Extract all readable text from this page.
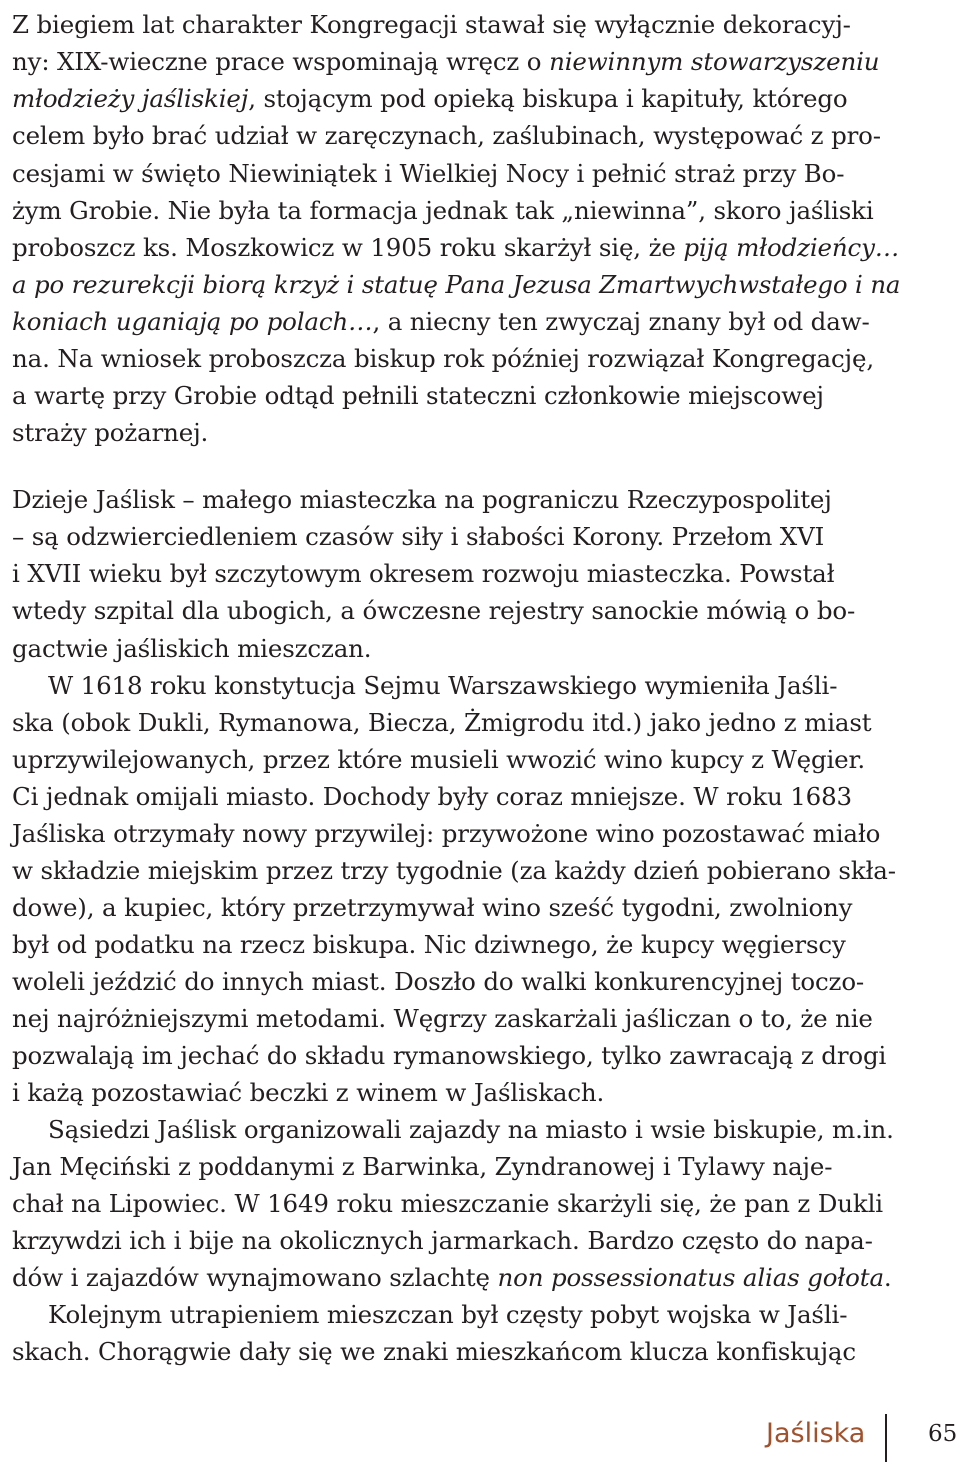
Z biegiem lat charakter Kongregacji stawał się wyłącznie dekoracyj-
ny: XIX-wieczne prace wspominają wręcz o niewinnym stowarzyszeniu
młodzieży jaśliskiej, stojącym pod opieką biskupa i kapituły, którego
celem było brać udział w zaręczynach, zaślubinach, występować z pro-
cesjami w święto Niewiniątek i Wielkiej Nocy i pełnić straż przy Bo-
żym Grobie. Nie była ta formacja jednak tak „niewinna”, skoro jaśliski
proboszcz ks. Moszkowicz w 1905 roku skarżył się, że piją młodzieńcy…
a po rezurekcji biorą krzyż i statuę Pana Jezusa Zmartwychwstałego i na
koniach uganiają po polach…, a niecny ten zwyczaj znany był od daw-
na. Na wniosek proboszcza biskup rok później rozwiązał Kongregację,
a wartę przy Grobie odtąd pełnili stateczni członkowie miejscowej
straży pożarnej.
Dzieje Jaślisk – małego miasteczka na pograniczu Rzeczypospolitej
– są odzwierciedleniem czasów siły i słabości Korony. Przełom XVI
i XVII wieku był szczytowym okresem rozwoju miasteczka. Powstał
wtedy szpital dla ubogich, a ówczesne rejestry sanockie mówią o bo-
gactwie jaśliskich mieszczan.
W 1618 roku konstytucja Sejmu Warszawskiego wymieniła Jaśli-
ska (obok Dukli, Rymanowa, Biecza, Żmigrodu itd.) jako jedno z miast
uprzywilejowanych, przez które musieli wwozić wino kupcy z Węgier.
Ci jednak omijali miasto. Dochody były coraz mniejsze. W roku 1683
Jaśliska otrzymały nowy przywilej: przywożone wino pozostawać miało
w składzie miejskim przez trzy tygodnie (za każdy dzień pobierano skła-
dowe), a kupiec, który przetrzymywał wino sześć tygodni, zwolniony
był od podatku na rzecz biskupa. Nic dziwnego, że kupcy węgierscy
woleli jeździć do innych miast. Doszło do walki konkurencyjnej toczo-
nej najróżniejszymi metodami. Węgrzy zaskarżali jaśliczan o to, że nie
pozwalają im jechać do składu rymanowskiego, tylko zawracają z drogi
i każą pozostawiać beczki z winem w Jaśliskach.
Sąsiedzi Jaślisk organizowali zajazdy na miasto i wsie biskupie, m.in.
Jan Męciński z poddanymi z Barwinka, Zyndranowej i Tylawy naje-
chał na Lipowiec. W 1649 roku mieszczanie skarżyli się, że pan z Dukli
krzywdzi ich i bije na okolicznych jarmarkach. Bardzo często do napa-
dów i zajazdów wynajmowano szlachtę non possessionatus alias gołota.
Kolejnym utrapieniem mieszczan był częsty pobyt wojska w Jaśli-
skach. Chorągwie dały się we znaki mieszkańcom klucza konfiskując
Jaśliska	65
